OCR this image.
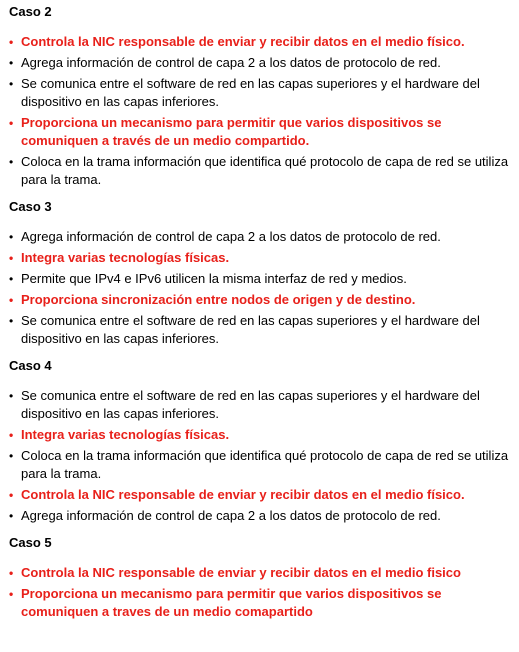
Caso 2
• Controla la NIC responsable de enviar y recibir datos en el medio físico.
• Agrega información de control de capa 2 a los datos de protocolo de red.
• Se comunica entre el software de red en las capas superiores y el hardware del dispositivo en las capas inferiores.
• Proporciona un mecanismo para permitir que varios dispositivos se comuniquen a través de un medio compartido.
• Coloca en la trama información que identifica qué protocolo de capa de red se utiliza para la trama.
Caso 3
• Agrega información de control de capa 2 a los datos de protocolo de red.
• Integra varias tecnologías físicas.
• Permite que IPv4 e IPv6 utilicen la misma interfaz de red y medios.
• Proporciona sincronización entre nodos de origen y de destino.
• Se comunica entre el software de red en las capas superiores y el hardware del dispositivo en las capas inferiores.
Caso 4
• Se comunica entre el software de red en las capas superiores y el hardware del dispositivo en las capas inferiores.
• Integra varias tecnologías físicas.
• Coloca en la trama información que identifica qué protocolo de capa de red se utiliza para la trama.
• Controla la NIC responsable de enviar y recibir datos en el medio físico.
• Agrega información de control de capa 2 a los datos de protocolo de red.
Caso 5
• Controla la NIC responsable de enviar y recibir datos en el medio fisico
• Proporciona un mecanismo para permitir que varios dispositivos se comuniquen a traves de un medio comapartido
